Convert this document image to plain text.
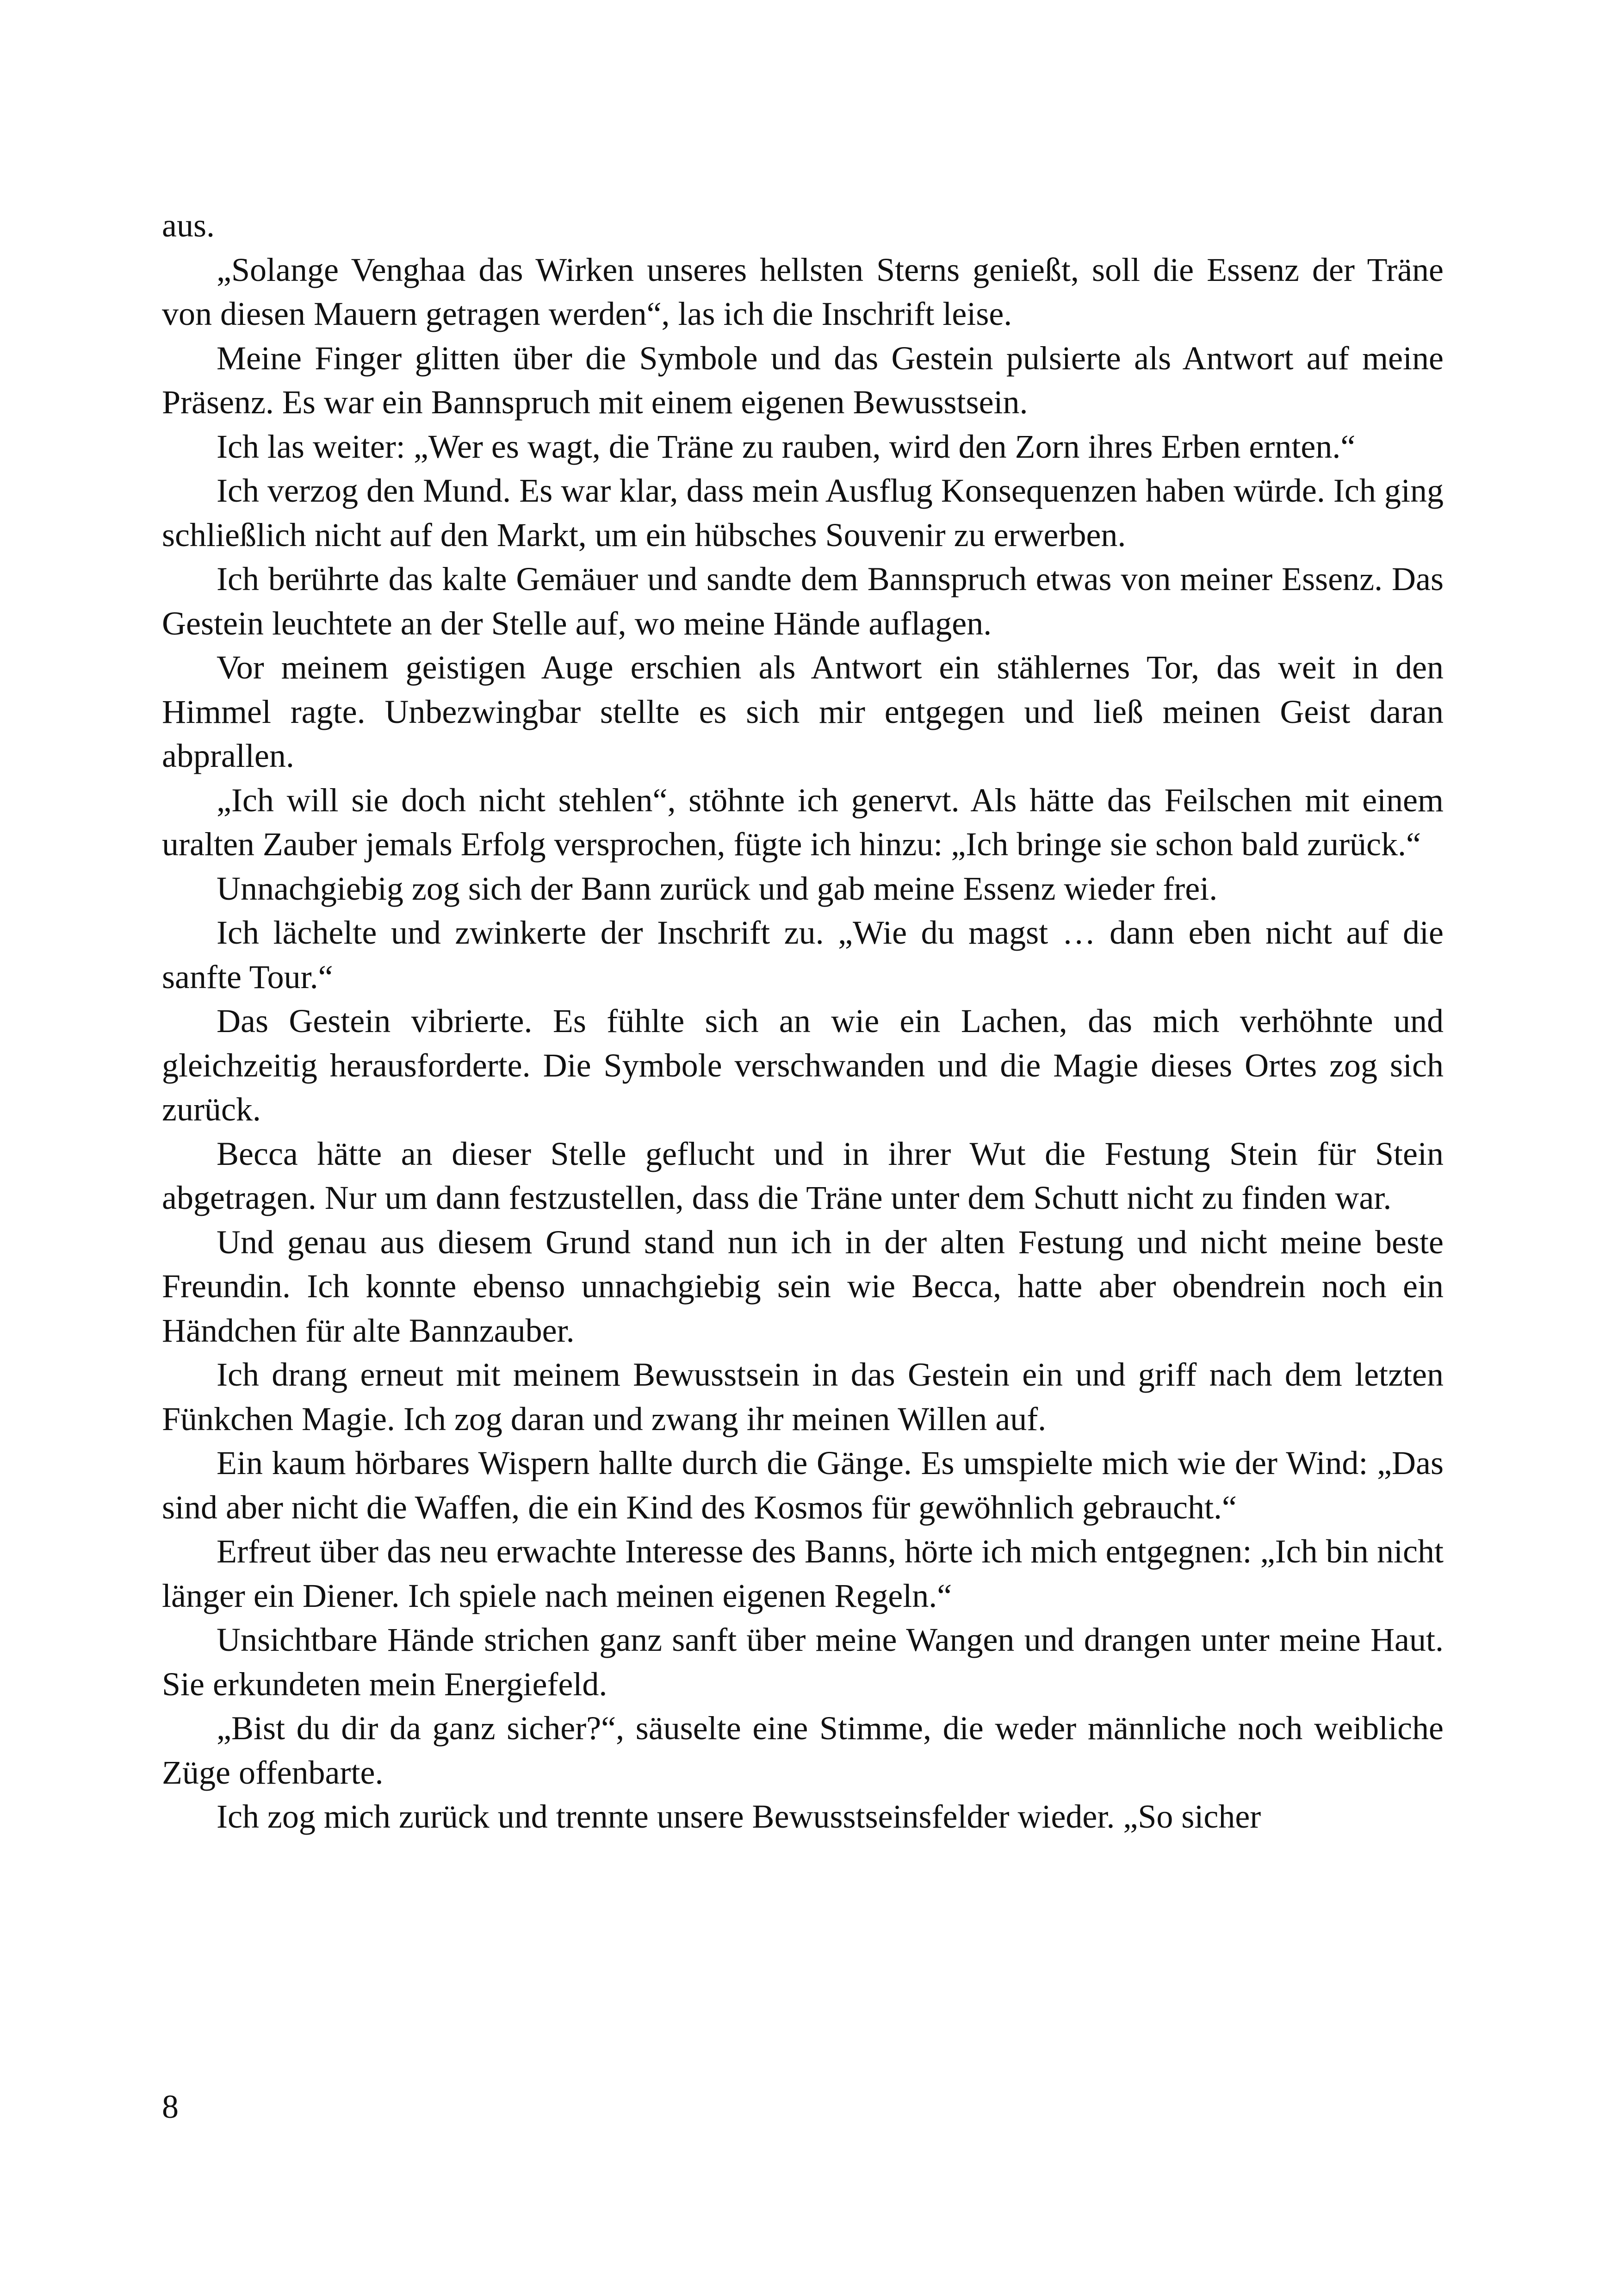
aus.

„Solange Venghaa das Wirken unseres hellsten Sterns genießt, soll die Essenz der Träne von diesen Mauern getragen werden“, las ich die Inschrift leise.

Meine Finger glitten über die Symbole und das Gestein pulsierte als Antwort auf meine Präsenz. Es war ein Bannspruch mit einem eigenen Bewusstsein.

Ich las weiter: „Wer es wagt, die Träne zu rauben, wird den Zorn ihres Erben ernten.“

Ich verzog den Mund. Es war klar, dass mein Ausflug Konsequenzen haben würde. Ich ging schließlich nicht auf den Markt, um ein hübsches Souvenir zu erwerben.

Ich berührte das kalte Gemäuer und sandte dem Bannspruch etwas von meiner Essenz. Das Gestein leuchtete an der Stelle auf, wo meine Hände auflagen.

Vor meinem geistigen Auge erschien als Antwort ein stählernes Tor, das weit in den Himmel ragte. Unbezwingbar stellte es sich mir entgegen und ließ meinen Geist daran abprallen.

„Ich will sie doch nicht stehlen“, stöhnte ich genervt. Als hätte das Feilschen mit einem uralten Zauber jemals Erfolg versprochen, fügte ich hinzu: „Ich bringe sie schon bald zurück.“

Unnachgiebig zog sich der Bann zurück und gab meine Essenz wieder frei.

Ich lächelte und zwinkerte der Inschrift zu. „Wie du magst … dann eben nicht auf die sanfte Tour.“

Das Gestein vibrierte. Es fühlte sich an wie ein Lachen, das mich verhöhnte und gleichzeitig herausforderte. Die Symbole verschwanden und die Magie dieses Ortes zog sich zurück.

Becca hätte an dieser Stelle geflucht und in ihrer Wut die Festung Stein für Stein abgetragen. Nur um dann festzustellen, dass die Träne unter dem Schutt nicht zu finden war.

Und genau aus diesem Grund stand nun ich in der alten Festung und nicht meine beste Freundin. Ich konnte ebenso unnachgiebig sein wie Becca, hatte aber obendrein noch ein Händchen für alte Bannzauber.

Ich drang erneut mit meinem Bewusstsein in das Gestein ein und griff nach dem letzten Fünkchen Magie. Ich zog daran und zwang ihr meinen Willen auf.

Ein kaum hörbares Wispern hallte durch die Gänge. Es umspielte mich wie der Wind: „Das sind aber nicht die Waffen, die ein Kind des Kosmos für gewöhnlich gebraucht.“

Erfreut über das neu erwachte Interesse des Banns, hörte ich mich entgegnen: „Ich bin nicht länger ein Diener. Ich spiele nach meinen eigenen Regeln.“

Unsichtbare Hände strichen ganz sanft über meine Wangen und drangen unter meine Haut. Sie erkundeten mein Energiefeld.

„Bist du dir da ganz sicher?“, säuselte eine Stimme, die weder männliche noch weibliche Züge offenbarte.

Ich zog mich zurück und trennte unsere Bewusstseinsfelder wieder. „So sicher

8
